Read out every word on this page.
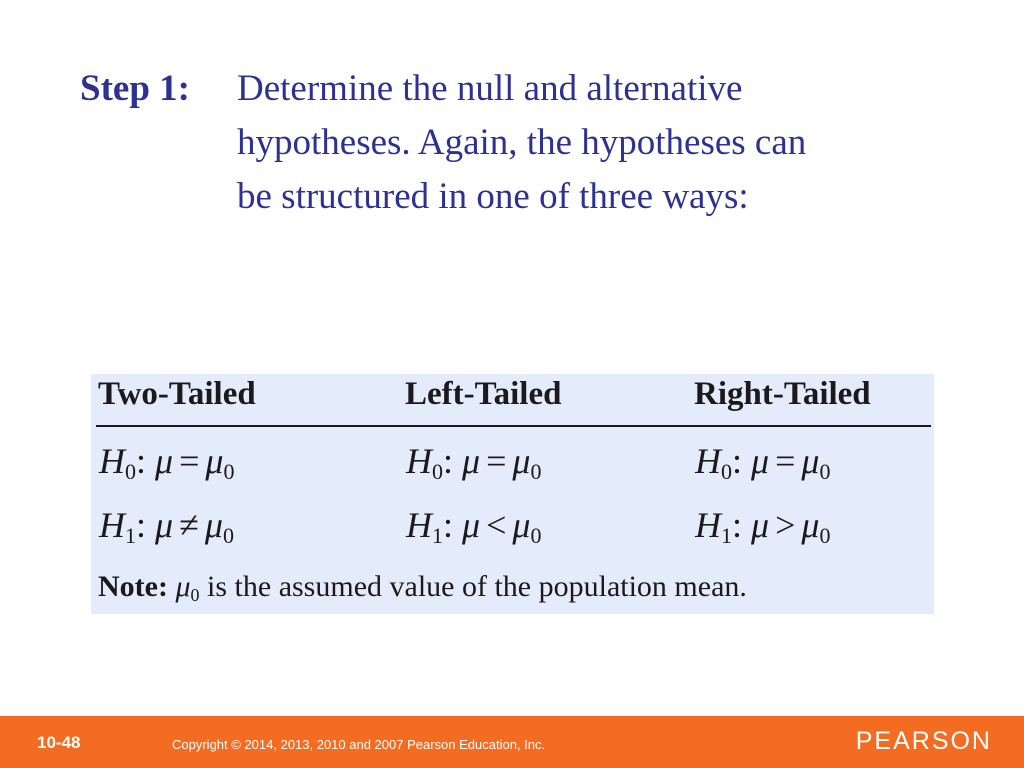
Step 1: Determine the null and alternative
hypotheses. Again, the hypotheses can
be structured in one of three ways:
Two-Tailed	Left-Tailed	Right-Tailed
$H_0$: $\mu = \mu_0$	$H_0$: $\mu = \mu_0$	$H_0$: $\mu = \mu_0$
$H_1$: $\mu \ne \mu_0$	$H_1$: $\mu < \mu_0$	$H_1$: $\mu > \mu_0$
Note: $\mu_0$ is the assumed value of the population mean.
10-48	Copyright © 2014, 2013, 2010 and 2007 Pearson Education, Inc.	PEARSON
